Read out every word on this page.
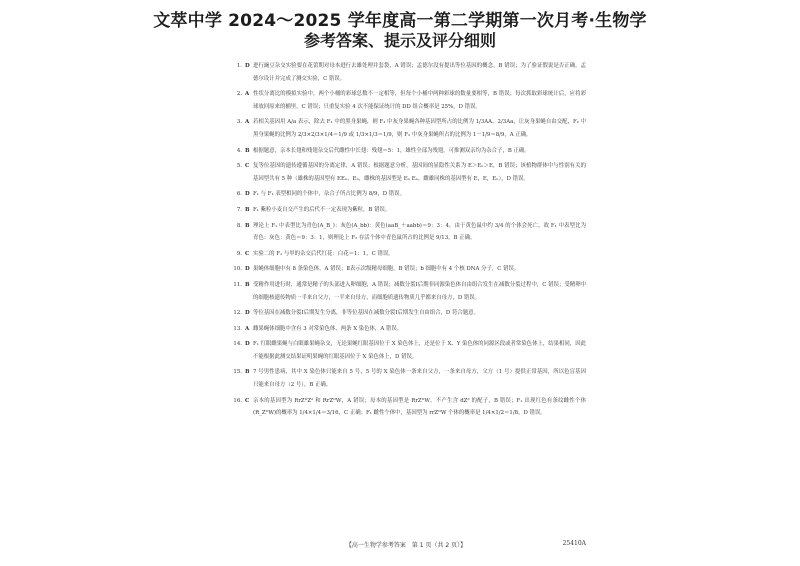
文萃中学 2024～2025 学年度高一第二学期第一次月考·生物学
参考答案、提示及评分细则
1. D 进行豌豆杂交实验要在花蕾期对母本进行去雄处理并套袋，A 错误；孟德尔没有提出等位基因的概念，B 错误；为了验证假说是否正确，孟德尔设计并完成了测交实验，C 错误。
2. A 性状分离比的模拟实验中，两个小桶的彩球总数不一定相等，但每个小桶中两种彩球的数量要相等，B 错误；每次抓取彩球统计后，应将彩球放回原来的桶里，C 错误；只重复实验 4 次不能保证统计的 DD 组合概率是 25%，D 错误。
3. A 若相关基因用 A/a 表示，除去 F₁ 中的黑身果蝇，则 F₁ 中灰身果蝇各种基因型所占的比例为 1/3AA、2/3Aa，让灰身果蝇自由交配，F₂ 中黑身果蝇的比例为 2/3×2/3×1/4＝1/9 或 1/3×1/3＝1/9，则 F₂ 中灰身果蝇所占的比例为 1－1/9＝8/9，A 正确。
4. B 根据题意，亲本长翅和残翅杂交后代雌性中长翅：残翅＝5：1，雄性全部为残翅，可推测双亲均为杂合子，B 正确。
5. C 复等位基因的遗传遵循基因的分离定律，A 错误；根据题意分析，基因间的显隐性关系为 E＞Eₙ＞E，B 错误；该植物群体中与性别有关的基因型共有 5 种（雄株的基因型有 EEₙ、Eₙ，雌株的基因型是 Eₙ Eₙ，雌雄同株的基因型有 E，E，Eₙ），D 错误。
6. D F₁ 与 F₁ 表型相同的个体中，杂合子所占比例为 8/9，D 错误。
7. B F₁ 紫粒小麦自交产生的后代不一定表现为紫粒，B 错误。
8. B 理论上 F₁ 中表型比为青色(A_B_)：灰色(A_bb)：黄色(aaB_＋aabb)＝9：3：4，由于黄色鼠中约 3/4 的个体会死亡，故 F₁ 中表型比为青色：灰色：黄色＝9：3：1，则理论上 F₂ 存活个体中青色鼠所占的比例是 9/13，B 正确。
9. C 实验二的 F₁ 与甲的杂交后代红花：白花＝1：1，C 错误。
10. D 果蝇体细胞中有 8 条染色体，A 错误；Ⅱ表示次级精母细胞，B 错误；b 细胞中有 4 个核 DNA 分子，C 错误。
11. B 受精作用进行时，通常是精子的头部进入卵细胞，A 错误；减数分裂Ⅰ后期非同源染色体自由组合发生在减数分裂过程中，C 错误；受精卵中的细胞核遗传物质一半来自父方，一半来自母方，而细胞质遗传物质几乎都来自母方，D 错误。
12. D 等位基因在减数分裂Ⅰ后期发生分离，非等位基因在减数分裂Ⅰ后期发生自由组合，D 符合题意。
13. A 雌果蝇体细胞中含有 3 对常染色体、两条 X 染色体，A 错误。
14. D F₁ 红眼雌果蝇与白眼雄果蝇杂交，无论果蝇红眼基因位于 X 染色体上，还是位于 X、Y 染色体的同源区段或者常染色体上，结果相同，因此不能根据此测交结果证明果蝇的红眼基因位于 X 染色体上，D 错误。
15. B 7 号男性患病，其中 X 染色体只能来自 5 号，5 号的 X 染色体一条来自父方，一条来自母方，父方（1 号）提供正常基因，所以色盲基因只能来自母方（2 号），B 正确。
16. C 亲本的基因型为 RrZᴰZᵈ 和 RrZᴰW，A 错误；母本的基因型是 RrZᴰW，不产生含 dZᵈ 的配子，B 错误；F₁ 出现红色有条纹雌性个体(R_ZᴰW)的概率为 1/4×1/4＝3/16，C 正确；F₁ 雌性个体中，基因型为 rrZᴰW 个体的概率是 1/4×1/2＝1/8，D 错误。
【高一生物学参考答案　第 1 页（共 2 页）】	25410A
